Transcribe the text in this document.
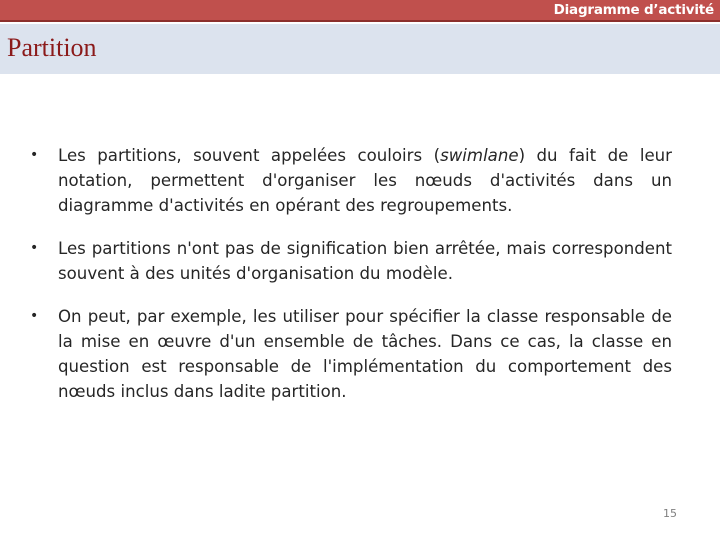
Diagramme d’activité
Partition
• Les partitions, souvent appelées couloirs (swimlane) du fait de leur notation, permettent d'organiser les nœuds d'activités dans un diagramme d'activités en opérant des regroupements.
• Les partitions n'ont pas de signification bien arrêtée, mais correspondent souvent à des unités d'organisation du modèle.
• On peut, par exemple, les utiliser pour spécifier la classe responsable de la mise en œuvre d'un ensemble de tâches. Dans ce cas, la classe en question est responsable de l'implémentation du comportement des nœuds inclus dans ladite partition.
15
